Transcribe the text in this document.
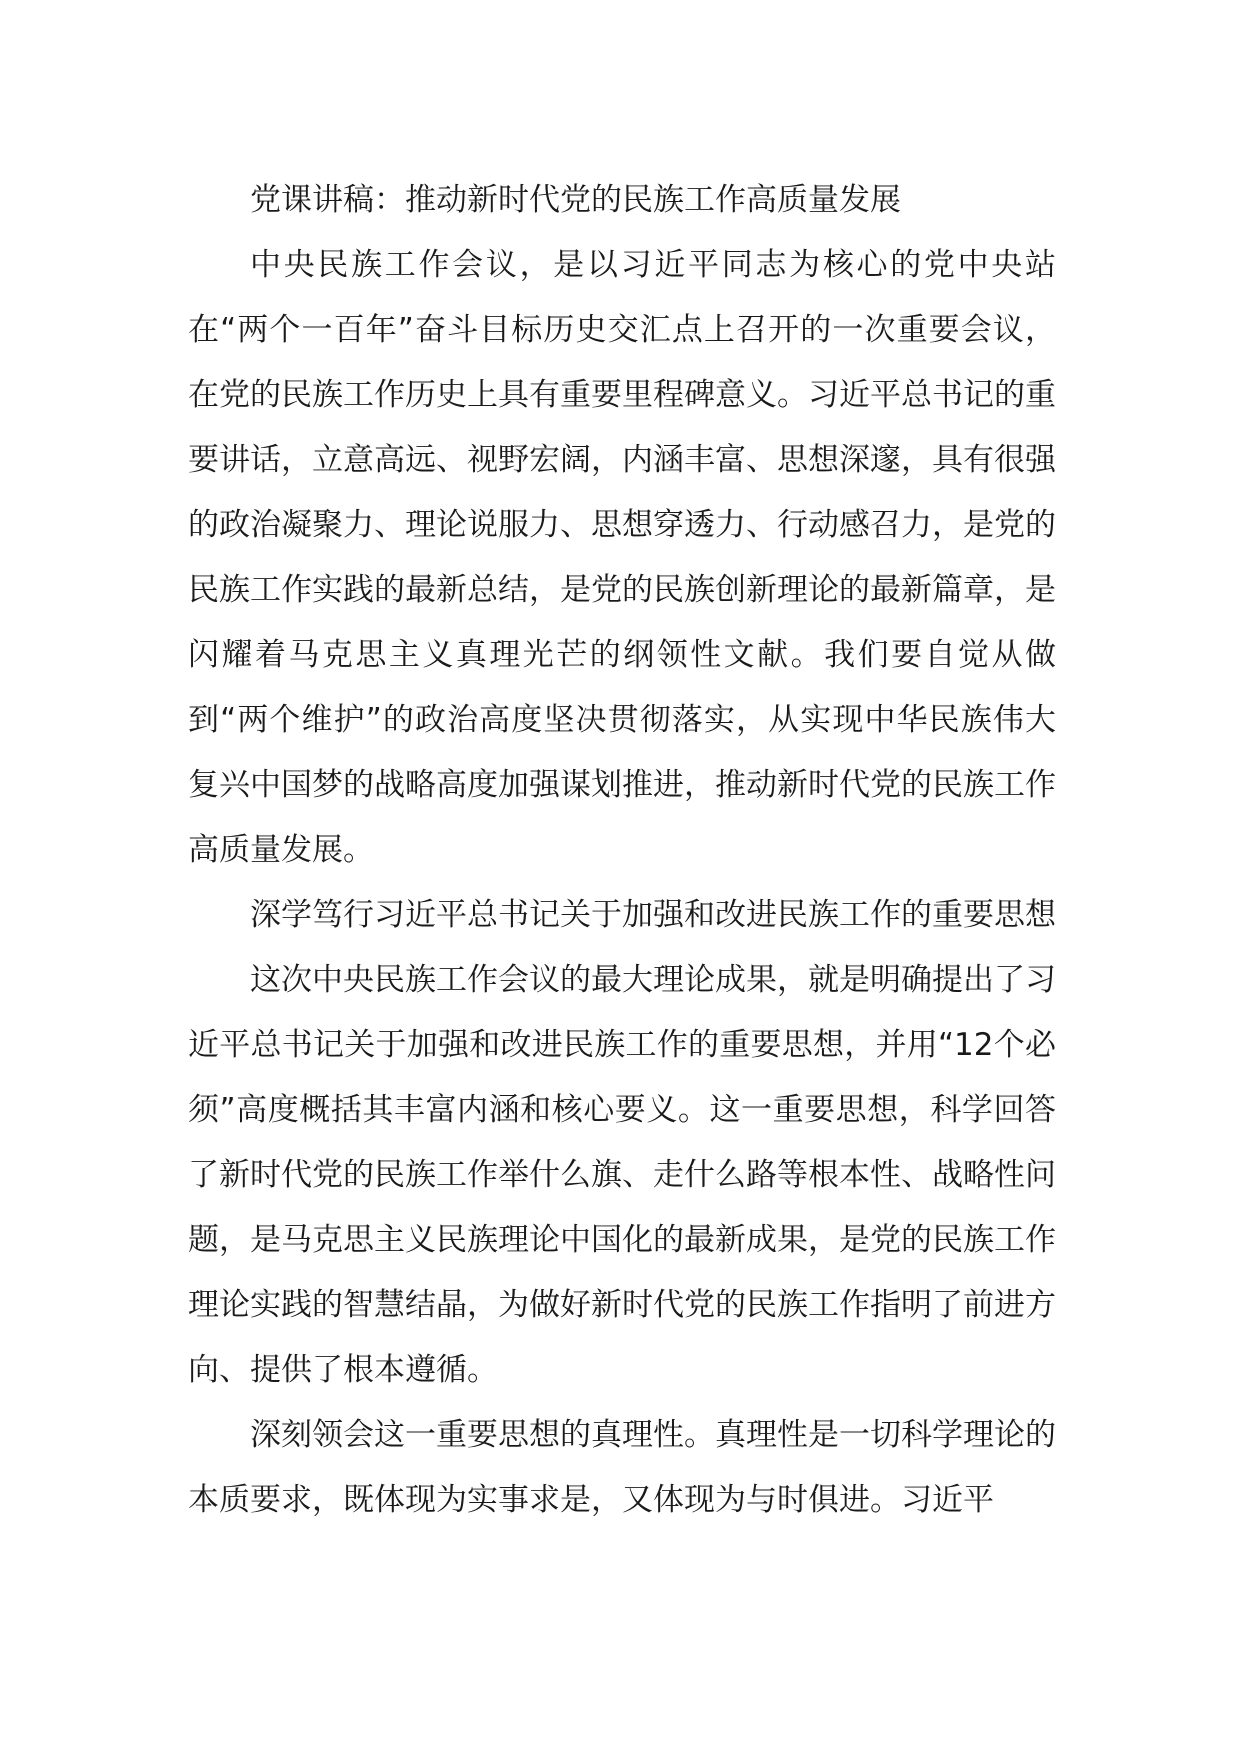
党课讲稿：推动新时代党的民族工作高质量发展

中央民族工作会议，是以习近平同志为核心的党中央站在“两个一百年”奋斗目标历史交汇点上召开的一次重要会议，在党的民族工作历史上具有重要里程碑意义。习近平总书记的重要讲话，立意高远、视野宏阔，内涵丰富、思想深邃，具有很强的政治凝聚力、理论说服力、思想穿透力、行动感召力，是党的民族工作实践的最新总结，是党的民族创新理论的最新篇章，是闪耀着马克思主义真理光芒的纲领性文献。我们要自觉从做到“两个维护”的政治高度坚决贯彻落实，从实现中华民族伟大复兴中国梦的战略高度加强谋划推进，推动新时代党的民族工作高质量发展。

深学笃行习近平总书记关于加强和改进民族工作的重要思想

这次中央民族工作会议的最大理论成果，就是明确提出了习近平总书记关于加强和改进民族工作的重要思想，并用“12个必须”高度概括其丰富内涵和核心要义。这一重要思想，科学回答了新时代党的民族工作举什么旗、走什么路等根本性、战略性问题，是马克思主义民族理论中国化的最新成果，是党的民族工作理论实践的智慧结晶，为做好新时代党的民族工作指明了前进方向、提供了根本遵循。

深刻领会这一重要思想的真理性。真理性是一切科学理论的本质要求，既体现为实事求是，又体现为与时俱进。习近平
